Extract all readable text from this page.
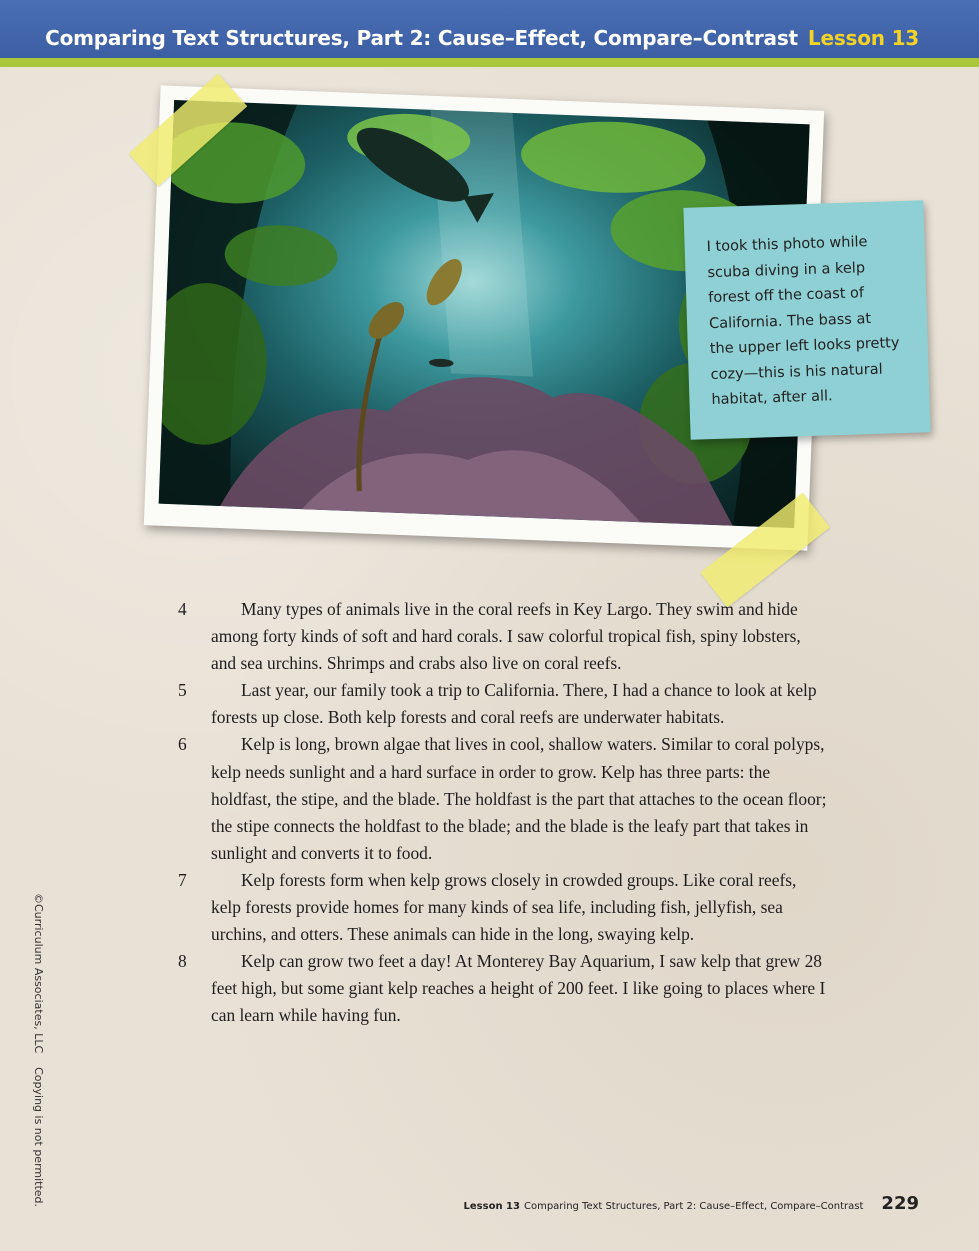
Comparing Text Structures, Part 2: Cause–Effect, Compare–Contrast Lesson 13
I took this photo while
scuba diving in a kelp
forest off the coast of
California. The bass at
the upper left looks pretty
cozy—this is his natural
habitat, after all.
4	Many types of animals live in the coral reefs in Key Largo. They swim and hide among forty kinds of soft and hard corals. I saw colorful tropical fish, spiny lobsters, and sea urchins. Shrimps and crabs also live on coral reefs.
5	Last year, our family took a trip to California. There, I had a chance to look at kelp forests up close. Both kelp forests and coral reefs are underwater habitats.
6	Kelp is long, brown algae that lives in cool, shallow waters. Similar to coral polyps, kelp needs sunlight and a hard surface in order to grow. Kelp has three parts: the holdfast, the stipe, and the blade. The holdfast is the part that attaches to the ocean floor; the stipe connects the holdfast to the blade; and the blade is the leafy part that takes in sunlight and converts it to food.
7	Kelp forests form when kelp grows closely in crowded groups. Like coral reefs, kelp forests provide homes for many kinds of sea life, including fish, jellyfish, sea urchins, and otters. These animals can hide in the long, swaying kelp.
8	Kelp can grow two feet a day! At Monterey Bay Aquarium, I saw kelp that grew 28 feet high, but some giant kelp reaches a height of 200 feet. I like going to places where I can learn while having fun.
©Curriculum Associates, LLC    Copying is not permitted.	Lesson 13 Comparing Text Structures, Part 2: Cause–Effect, Compare–Contrast 229
